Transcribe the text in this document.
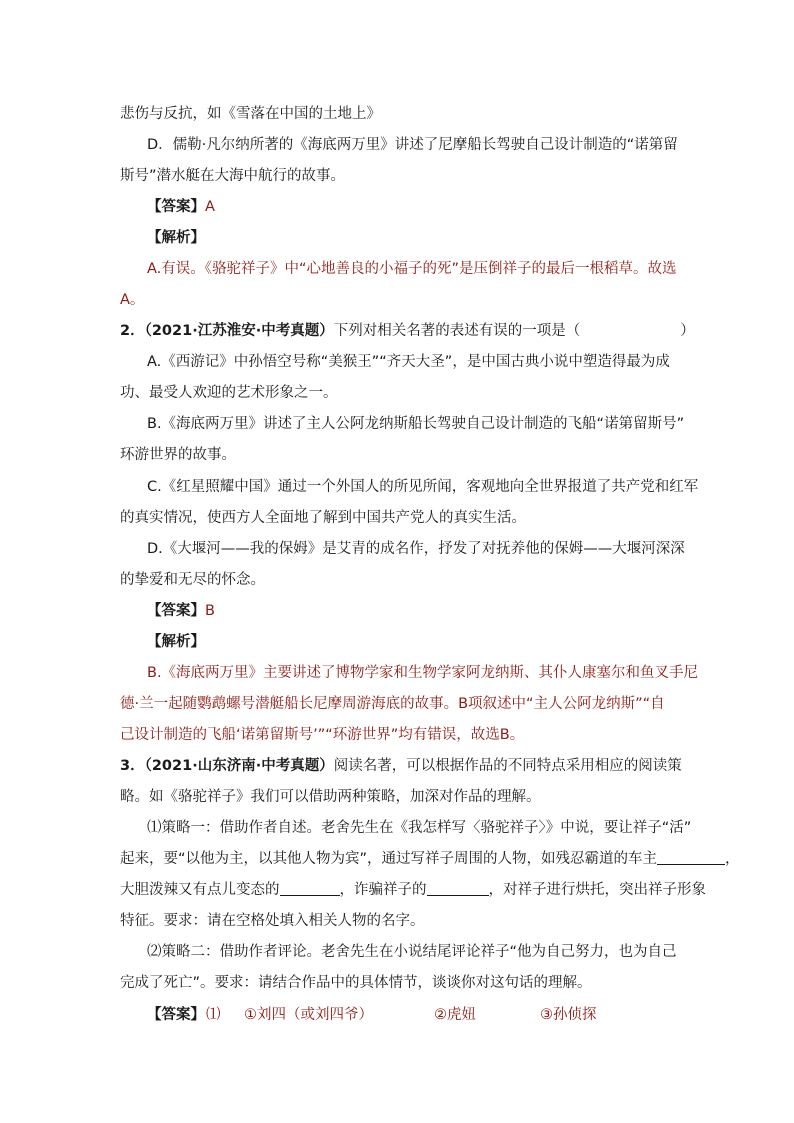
悲伤与反抗，如《雪落在中国的土地上》
D．儒勒·凡尔纳所著的《海底两万里》讲述了尼摩船长驾驶自己设计制造的“诺第留
斯号”潜水艇在大海中航行的故事。
【答案】A
【解析】
A.有误。《骆驼祥子》中“心地善良的小福子的死”是压倒祥子的最后一根稻草。故选
A。
2．（2021·江苏淮安·中考真题）下列对相关名著的表述有误的一项是（	）
A.《西游记》中孙悟空号称“美猴王”“齐天大圣”，是中国古典小说中塑造得最为成
功、最受人欢迎的艺术形象之一。
B.《海底两万里》讲述了主人公阿龙纳斯船长驾驶自己设计制造的飞船“诺第留斯号”
环游世界的故事。
C.《红星照耀中国》通过一个外国人的所见所闻，客观地向全世界报道了共产党和红军
的真实情况，使西方人全面地了解到中国共产党人的真实生活。
D.《大堰河——我的保姆》是艾青的成名作，抒发了对抚养他的保姆——大堰河深深
的挚爱和无尽的怀念。
【答案】B
【解析】
B.《海底两万里》主要讲述了博物学家和生物学家阿龙纳斯、其仆人康塞尔和鱼叉手尼
德·兰一起随鹦鹉螺号潜艇船长尼摩周游海底的故事。B项叙述中“主人公阿龙纳斯”“自
己设计制造的飞船‘诺第留斯号’”“环游世界”均有错误，故选B。
3．（2021·山东济南·中考真题）阅读名著，可以根据作品的不同特点采用相应的阅读策
略。如《骆驼祥子》我们可以借助两种策略，加深对作品的理解。
⑴策略一：借助作者自述。老舍先生在《我怎样写〈骆驼祥子〉》中说，要让祥子“活”
起来，要“以他为主，以其他人物为宾”，通过写祥子周围的人物，如残忍霸道的车主	，
大胆泼辣又有点儿变态的	，诈骗祥子的	，对祥子进行烘托，突出祥子形象
特征。要求：请在空格处填入相关人物的名字。
⑵策略二：借助作者评论。老舍先生在小说结尾评论祥子“他为自己努力，也为自己
完成了死亡”。要求：请结合作品中的具体情节，谈谈你对这句话的理解。
【答案】 ⑴ ①刘四（或刘四爷）	②虎妞	③孙侦探
